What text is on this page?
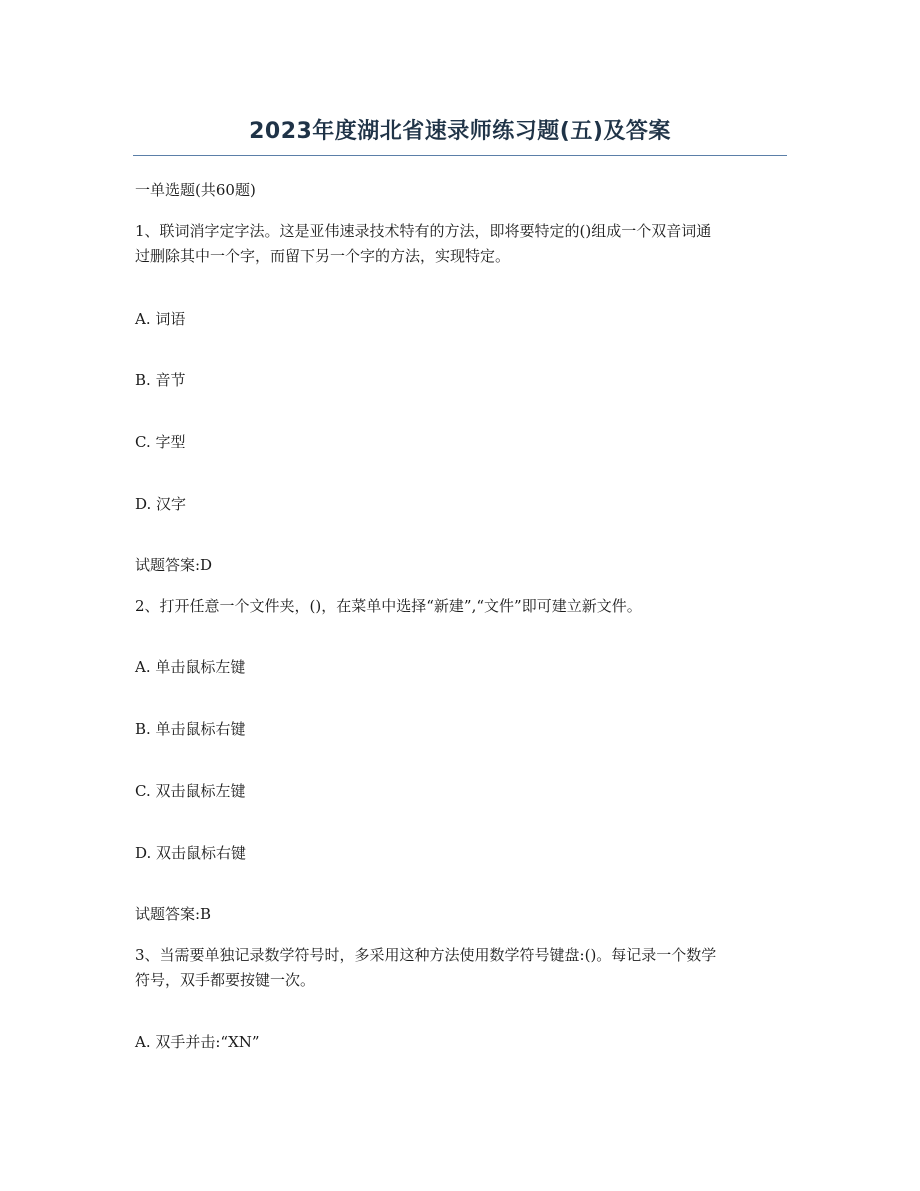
2023年度湖北省速录师练习题(五)及答案
一单选题(共60题)
1、联词消字定字法。这是亚伟速录技术特有的方法，即将要特定的()组成一个双音词通
过删除其中一个字，而留下另一个字的方法，实现特定。
A. 词语
B. 音节
C. 字型
D. 汉字
试题答案:D
2、打开任意一个文件夹，()，在菜单中选择“新建”,“文件”即可建立新文件。
A. 单击鼠标左键
B. 单击鼠标右键
C. 双击鼠标左键
D. 双击鼠标右键
试题答案:B
3、当需要单独记录数学符号时，多采用这种方法使用数学符号键盘:()。每记录一个数学
符号，双手都要按键一次。
A. 双手并击:“XN”
